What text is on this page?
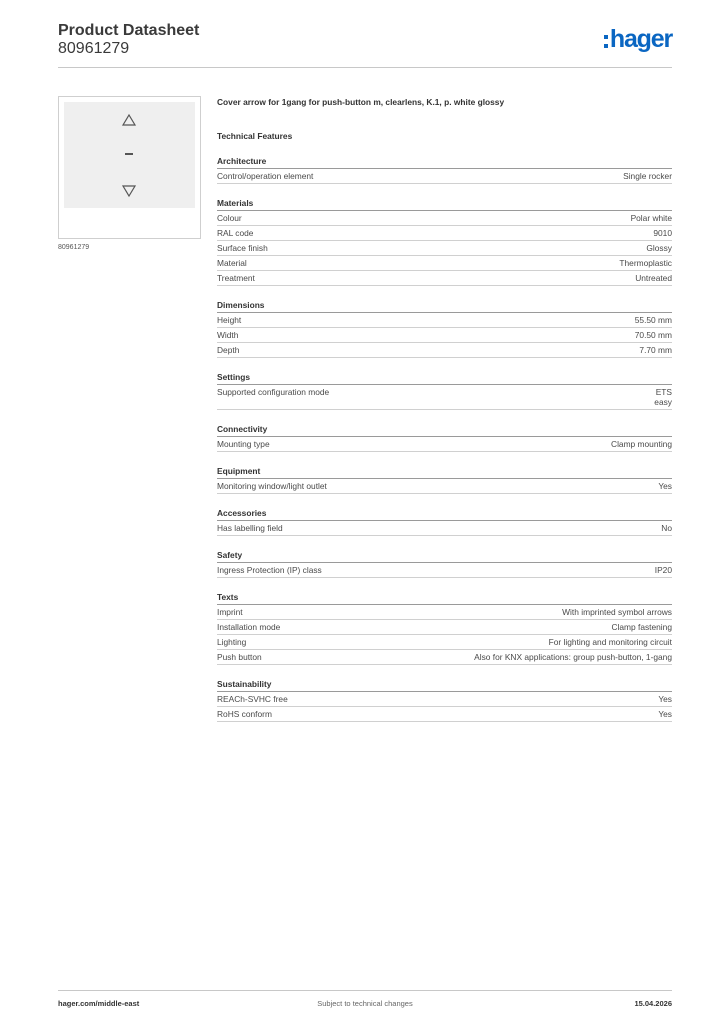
Product Datasheet
80961279	hager
80961279
Cover arrow for 1gang for push-button m, clearlens, K.1, p. white glossy
Technical Features
Architecture
Control/operation element	Single rocker
Materials
Colour	Polar white
RAL code	9010
Surface finish	Glossy
Material	Thermoplastic
Treatment	Untreated
Dimensions
Height	55.50 mm
Width	70.50 mm
Depth	7.70 mm
Settings
Supported configuration mode	ETS
easy
Connectivity
Mounting type	Clamp mounting
Equipment
Monitoring window/light outlet	Yes
Accessories
Has labelling field	No
Safety
Ingress Protection (IP) class	IP20
Texts
Imprint	With imprinted symbol arrows
Installation mode	Clamp fastening
Lighting	For lighting and monitoring circuit
Push button	Also for KNX applications: group push-button, 1-gang
Sustainability
REACh-SVHC free	Yes
RoHS conform	Yes
hager.com/middle-east	Subject to technical changes	15.04.2026
